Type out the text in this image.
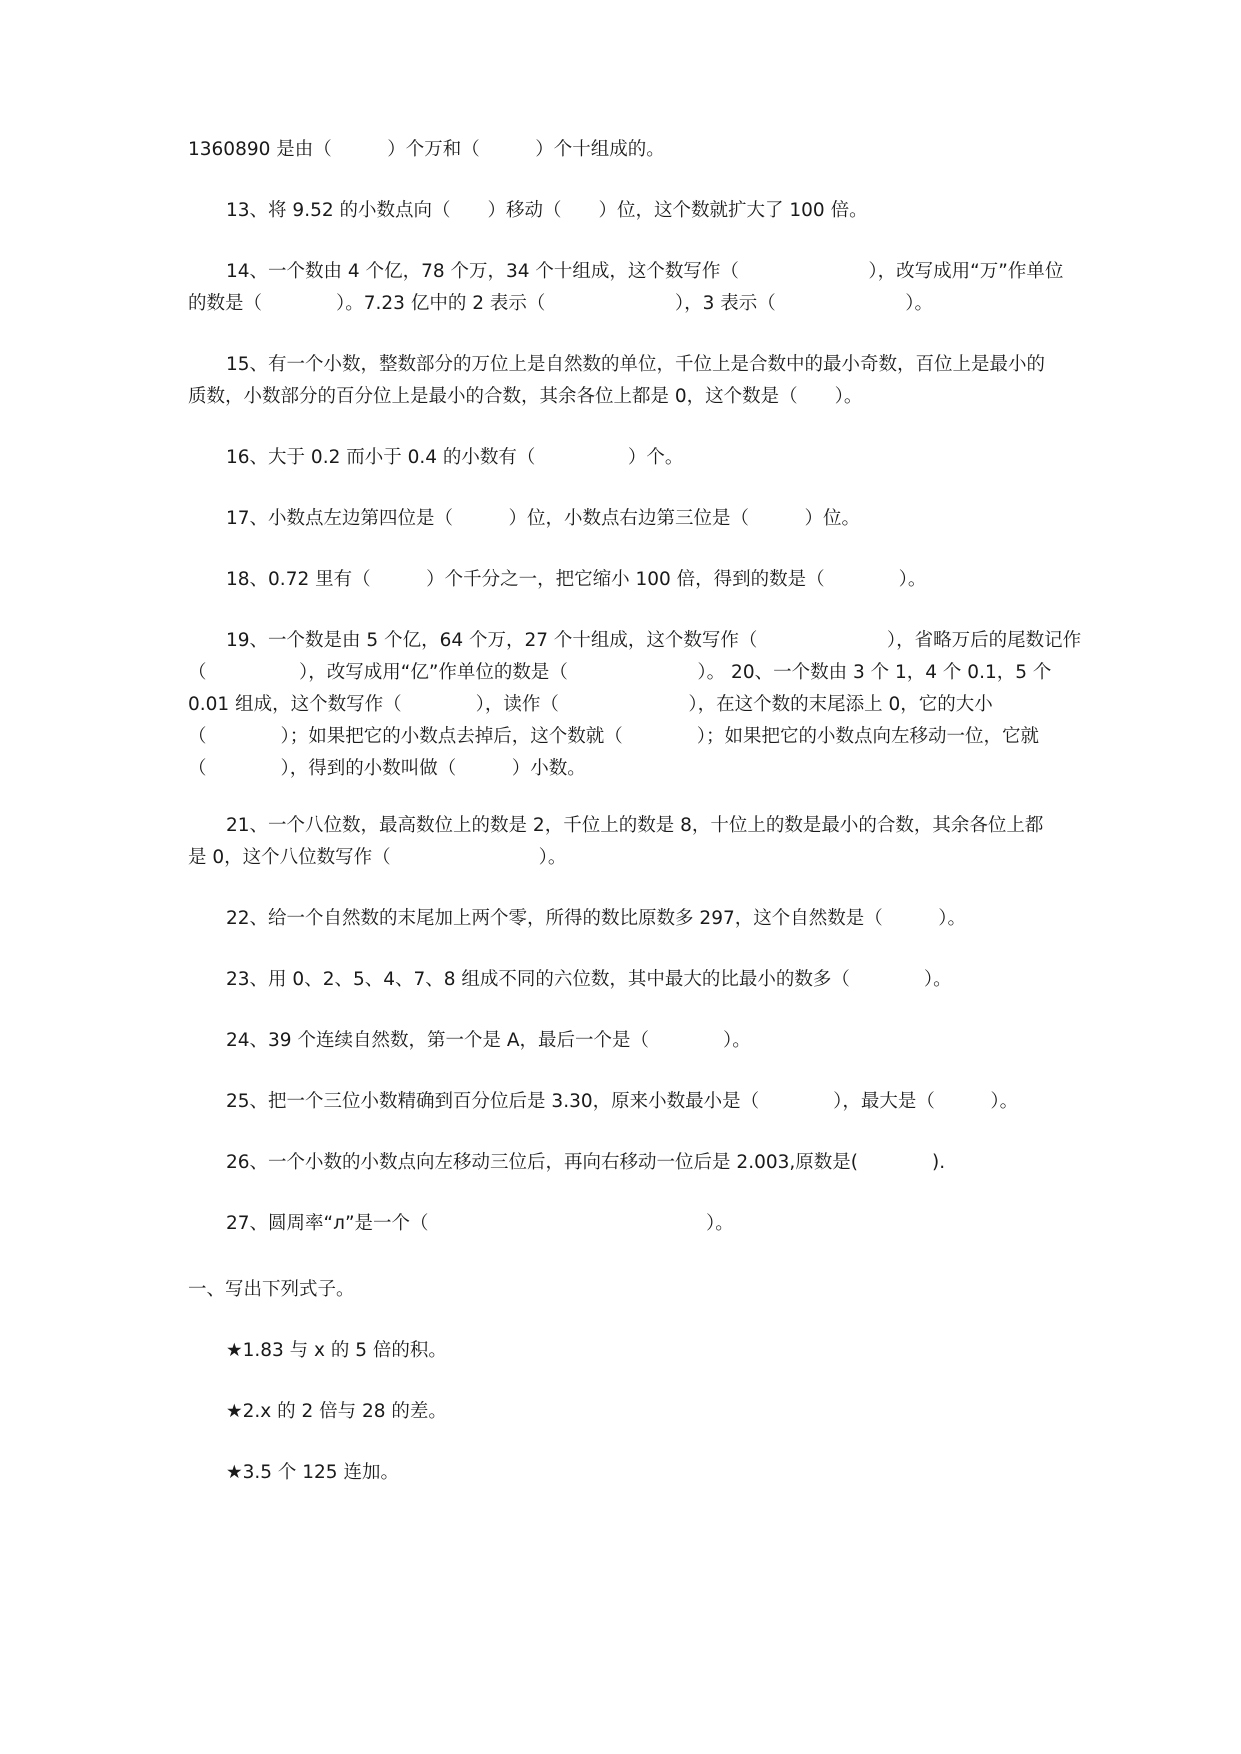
1360890 是由（　　　）个万和（　　　）个十组成的。
13、将 9.52 的小数点向（　　）移动（　　）位，这个数就扩大了 100 倍。
14、一个数由 4 个亿，78 个万，34 个十组成，这个数写作（　　　　　　　），改写成用“万”作单位
的数是（　　　　）。7.23 亿中的 2 表示（　　　　　　　），3 表示（　　　　　　　）。
15、有一个小数，整数部分的万位上是自然数的单位，千位上是合数中的最小奇数，百位上是最小的
质数，小数部分的百分位上是最小的合数，其余各位上都是 0，这个数是（　　）。
16、大于 0.2 而小于 0.4 的小数有（　　　　　）个。
17、小数点左边第四位是（　　　）位，小数点右边第三位是（　　　）位。
18、0.72 里有（　　　）个千分之一，把它缩小 100 倍，得到的数是（　　　　）。
19、一个数是由 5 个亿，64 个万，27 个十组成，这个数写作（　　　　　　　），省略万后的尾数记作
（　　　　　），改写成用“亿”作单位的数是（　　　　　　　）。 20、一个数由 3 个 1，4 个 0.1，5 个
0.01 组成，这个数写作（　　　　），读作（　　　　　　　），在这个数的末尾添上 0，它的大小
（　　　　）；如果把它的小数点去掉后，这个数就（　　　　）；如果把它的小数点向左移动一位，它就
（　　　　），得到的小数叫做（　　　）小数。
21、一个八位数，最高数位上的数是 2，千位上的数是 8，十位上的数是最小的合数，其余各位上都
是 0，这个八位数写作（　　　　　　　　）。
22、给一个自然数的末尾加上两个零，所得的数比原数多 297，这个自然数是（　　　）。
23、用 0、2、5、4、7、8 组成不同的六位数，其中最大的比最小的数多（　　　　）。
24、39 个连续自然数，第一个是 A，最后一个是（　　　　）。
25、把一个三位小数精确到百分位后是 3.30，原来小数最小是（　　　　），最大是（　　　）。
26、一个小数的小数点向左移动三位后，再向右移动一位后是 2.003,原数是(　　　　).
27、圆周率“л”是一个（　　　　　　　　　　　　　　　）。
一、写出下列式子。
★1.83 与 x 的 5 倍的积。
★2.x 的 2 倍与 28 的差。
★3.5 个 125 连加。
